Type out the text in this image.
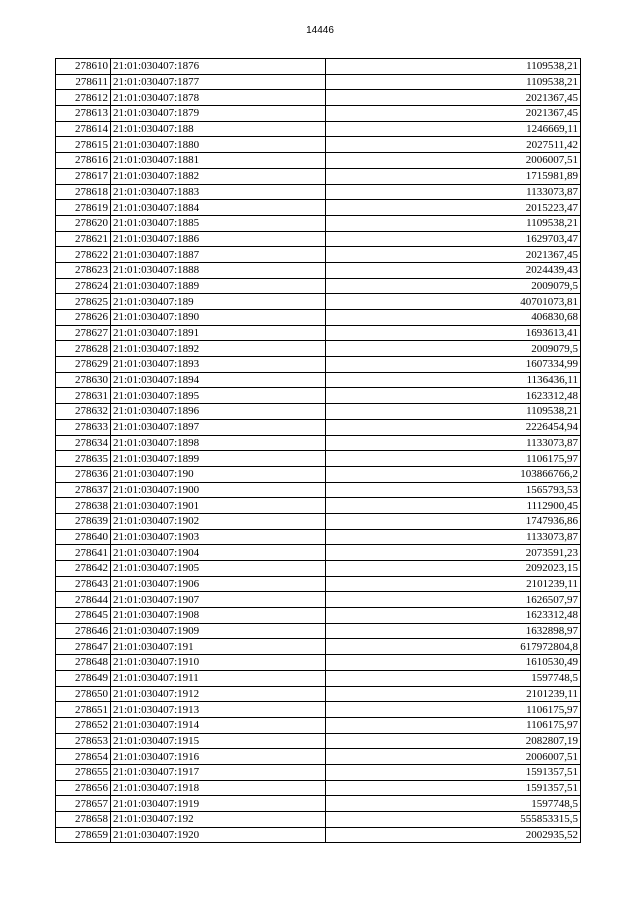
14446
278610	21:01:030407:1876	1109538,21
278611	21:01:030407:1877	1109538,21
278612	21:01:030407:1878	2021367,45
278613	21:01:030407:1879	2021367,45
278614	21:01:030407:188	1246669,11
278615	21:01:030407:1880	2027511,42
278616	21:01:030407:1881	2006007,51
278617	21:01:030407:1882	1715981,89
278618	21:01:030407:1883	1133073,87
278619	21:01:030407:1884	2015223,47
278620	21:01:030407:1885	1109538,21
278621	21:01:030407:1886	1629703,47
278622	21:01:030407:1887	2021367,45
278623	21:01:030407:1888	2024439,43
278624	21:01:030407:1889	2009079,5
278625	21:01:030407:189	40701073,81
278626	21:01:030407:1890	406830,68
278627	21:01:030407:1891	1693613,41
278628	21:01:030407:1892	2009079,5
278629	21:01:030407:1893	1607334,99
278630	21:01:030407:1894	1136436,11
278631	21:01:030407:1895	1623312,48
278632	21:01:030407:1896	1109538,21
278633	21:01:030407:1897	2226454,94
278634	21:01:030407:1898	1133073,87
278635	21:01:030407:1899	1106175,97
278636	21:01:030407:190	103866766,2
278637	21:01:030407:1900	1565793,53
278638	21:01:030407:1901	1112900,45
278639	21:01:030407:1902	1747936,86
278640	21:01:030407:1903	1133073,87
278641	21:01:030407:1904	2073591,23
278642	21:01:030407:1905	2092023,15
278643	21:01:030407:1906	2101239,11
278644	21:01:030407:1907	1626507,97
278645	21:01:030407:1908	1623312,48
278646	21:01:030407:1909	1632898,97
278647	21:01:030407:191	617972804,8
278648	21:01:030407:1910	1610530,49
278649	21:01:030407:1911	1597748,5
278650	21:01:030407:1912	2101239,11
278651	21:01:030407:1913	1106175,97
278652	21:01:030407:1914	1106175,97
278653	21:01:030407:1915	2082807,19
278654	21:01:030407:1916	2006007,51
278655	21:01:030407:1917	1591357,51
278656	21:01:030407:1918	1591357,51
278657	21:01:030407:1919	1597748,5
278658	21:01:030407:192	555853315,5
278659	21:01:030407:1920	2002935,52
